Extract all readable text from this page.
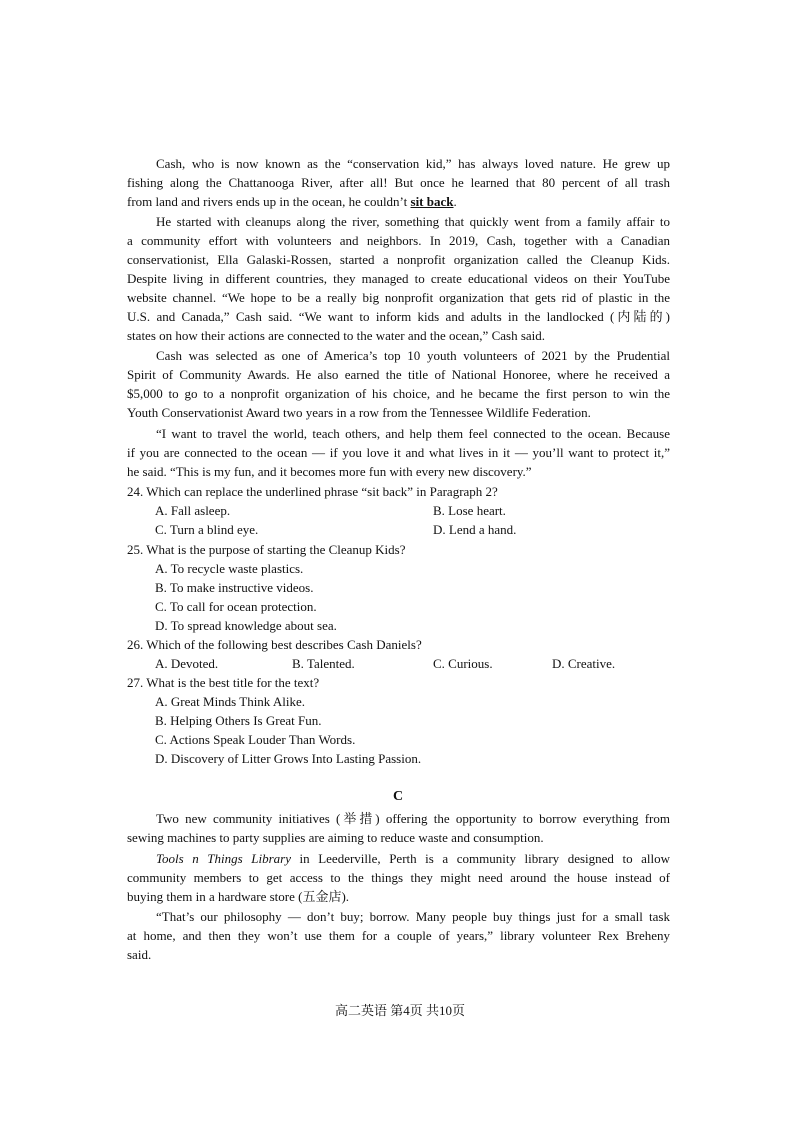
Cash, who is now known as the “conservation kid,” has always loved nature. He grew up
fishing along the Chattanooga River, after all! But once he learned that 80 percent of all trash
from land and rivers ends up in the ocean, he couldn’t sit back.
He started with cleanups along the river, something that quickly went from a family affair to
a community effort with volunteers and neighbors. In 2019, Cash, together with a Canadian
conservationist, Ella Galaski-Rossen, started a nonprofit organization called the Cleanup Kids.
Despite living in different countries, they managed to create educational videos on their YouTube
website channel. “We hope to be a really big nonprofit organization that gets rid of plastic in the
U.S. and Canada,” Cash said. “We want to inform kids and adults in the landlocked (内陆的)
states on how their actions are connected to the water and the ocean,” Cash said.
Cash was selected as one of America’s top 10 youth volunteers of 2021 by the Prudential
Spirit of Community Awards. He also earned the title of National Honoree, where he received a
$5,000 to go to a nonprofit organization of his choice, and he became the first person to win the
Youth Conservationist Award two years in a row from the Tennessee Wildlife Federation.
“I want to travel the world, teach others, and help them feel connected to the ocean. Because
if you are connected to the ocean — if you love it and what lives in it — you’ll want to protect it,”
he said. “This is my fun, and it becomes more fun with every new discovery.”
24. Which can replace the underlined phrase “sit back” in Paragraph 2?
A. Fall asleep.	B. Lose heart.
C. Turn a blind eye.	D. Lend a hand.
25. What is the purpose of starting the Cleanup Kids?
A. To recycle waste plastics.
B. To make instructive videos.
C. To call for ocean protection.
D. To spread knowledge about sea.
26. Which of the following best describes Cash Daniels?
A. Devoted.	B. Talented.	C. Curious.	D. Creative.
27. What is the best title for the text?
A. Great Minds Think Alike.
B. Helping Others Is Great Fun.
C. Actions Speak Louder Than Words.
D. Discovery of Litter Grows Into Lasting Passion.
C
Two new community initiatives (举措) offering the opportunity to borrow everything from
sewing machines to party supplies are aiming to reduce waste and consumption.
Tools n Things Library in Leederville, Perth is a community library designed to allow
community members to get access to the things they might need around the house instead of
buying them in a hardware store (五金店).
“That’s our philosophy — don’t buy; borrow. Many people buy things just for a small task
at home, and then they won’t use them for a couple of years,” library volunteer Rex Breheny
said.
高二英语 第4页 共10页
